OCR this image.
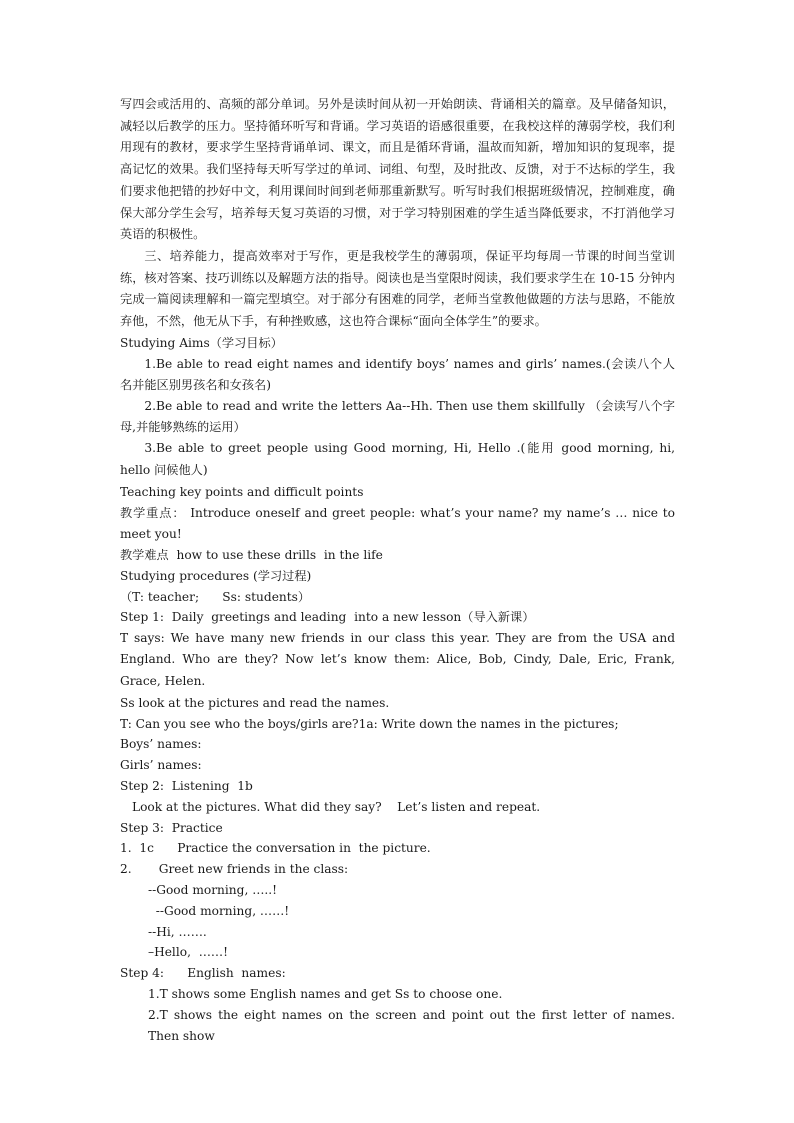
写四会或活用的、高频的部分单词。另外是读时间从初一开始朗读、背诵相关的篇章。及早储备知识，减轻以后教学的压力。坚持循环听写和背诵。学习英语的语感很重要，在我校这样的薄弱学校，我们利用现有的教材，要求学生坚持背诵单词、课文，而且是循环背诵，温故而知新，增加知识的复现率，提高记忆的效果。我们坚持每天听写学过的单词、词组、句型，及时批改、反馈，对于不达标的学生，我们要求他把错的抄好中文，利用课间时间到老师那重新默写。听写时我们根据班级情况，控制难度，确保大部分学生会写，培养每天复习英语的习惯，对于学习特别困难的学生适当降低要求，不打消他学习英语的积极性。

三、培养能力，提高效率对于写作，更是我校学生的薄弱项，保证平均每周一节课的时间当堂训练，核对答案、技巧训练以及解题方法的指导。阅读也是当堂限时阅读，我们要求学生在 10-15 分钟内完成一篇阅读理解和一篇完型填空。对于部分有困难的同学，老师当堂教他做题的方法与思路，不能放弃他，不然，他无从下手，有种挫败感，这也符合课标“面向全体学生”的要求。

Studying Aims（学习目标）

1.Be able to read eight names and identify boys’ names and girls’ names.(会读八个人名并能区别男孩名和女孩名)

2.Be able to read and write the letters Aa--Hh. Then use them skillfully （会读写八个字母,并能够熟练的运用）

3.Be able to greet people using Good morning, Hi, Hello .(能用 good morning, hi, hello 问候他人)

Teaching key points and difficult points

教学重点： Introduce oneself and greet people: what’s your name? my name’s … nice to meet you!

教学难点  how to use these drills  in the life

Studying procedures (学习过程)

（T: teacher;      Ss: students）

Step 1:  Daily  greetings and leading  into a new lesson（导入新课）

T says: We have many new friends in our class this year. They are from the USA and England. Who are they? Now let’s know them: Alice, Bob, Cindy, Dale, Eric, Frank, Grace, Helen.

Ss look at the pictures and read the names.

T: Can you see who the boys/girls are?1a: Write down the names in the pictures;

Boys’ names:

Girls’ names:

Step 2:  Listening  1b

Look at the pictures. What did they say?    Let’s listen and repeat.

Step 3:  Practice

1.  1c      Practice the conversation in  the picture.

2.       Greet new friends in the class:

--Good morning, …..!

--Good morning, ……!

--Hi, …….

–Hello,  ……!

Step 4:      English  names:

1.T shows some English names and get Ss to choose one.

2.T shows the eight names on the screen and point out the first letter of names. Then show
